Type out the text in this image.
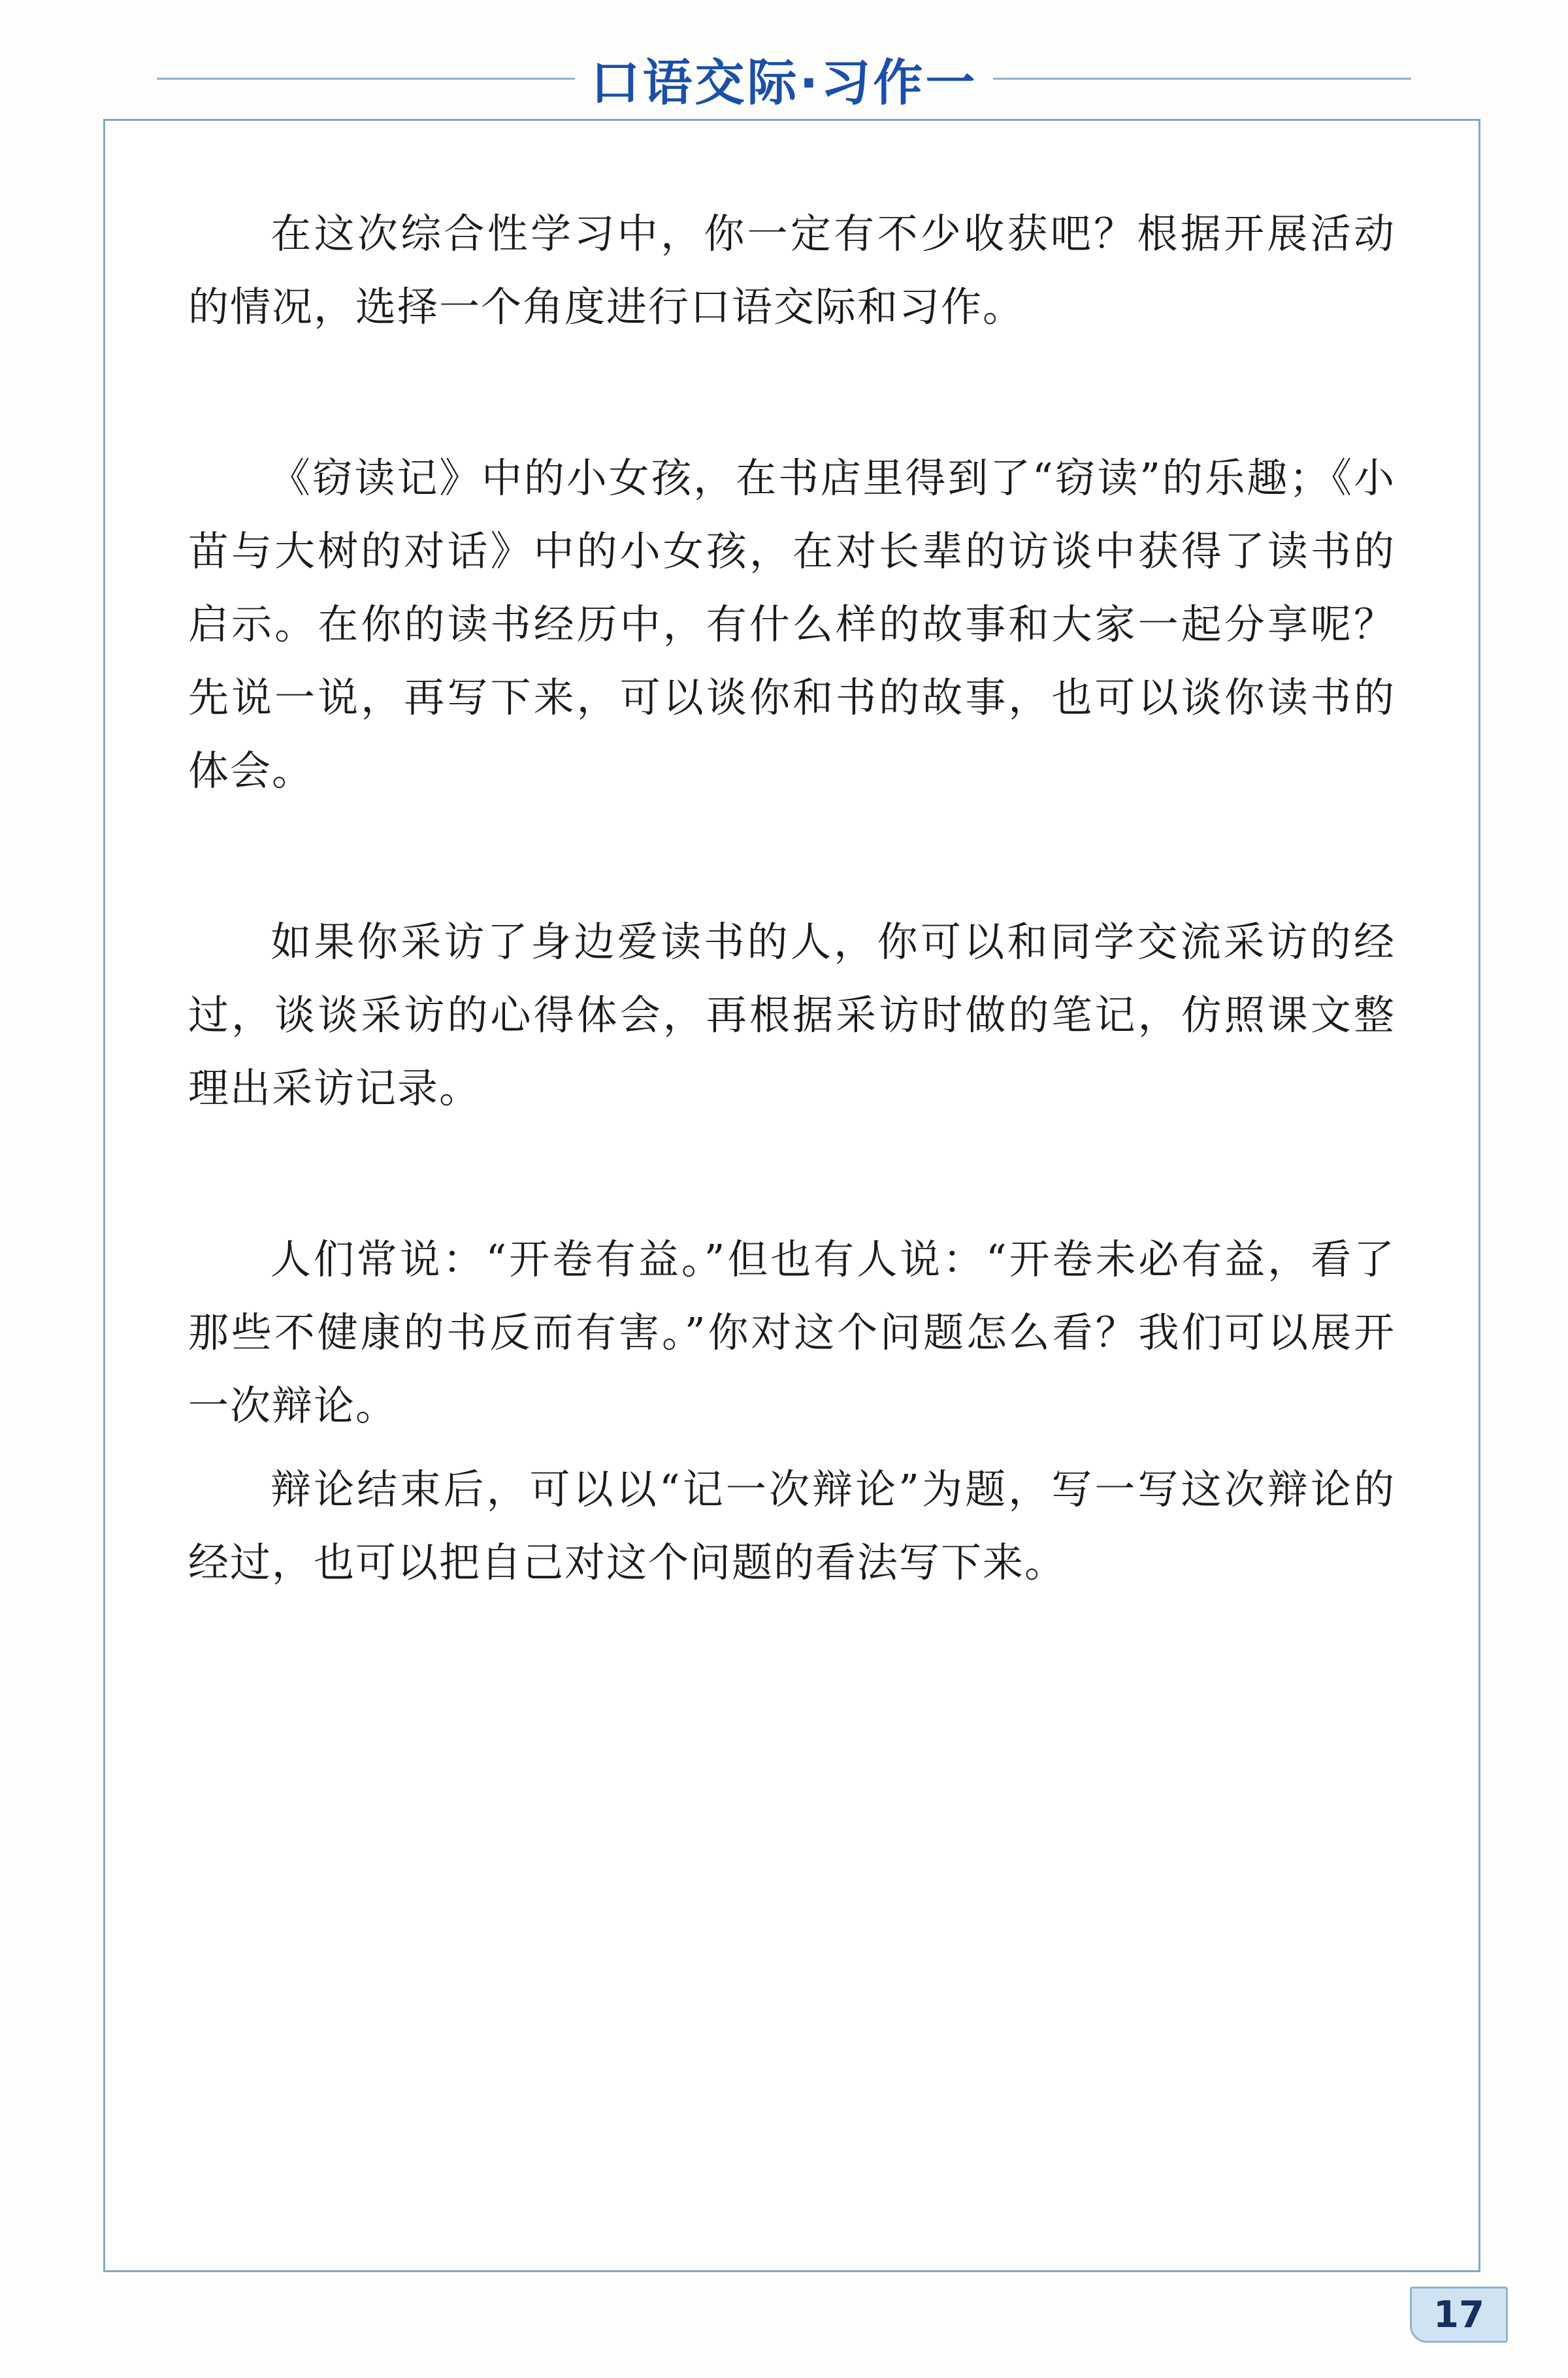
口语交际·习作一
在这次综合性学习中，你一定有不少收获吧？根据开展活动的情况，选择一个角度进行口语交际和习作。
《窃读记》中的小女孩，在书店里得到了“窃读”的乐趣；《小苗与大树的对话》中的小女孩，在对长辈的访谈中获得了读书的启示。在你的读书经历中，有什么样的故事和大家一起分享呢？先说一说，再写下来，可以谈你和书的故事，也可以谈你读书的体会。
如果你采访了身边爱读书的人，你可以和同学交流采访的经过，谈谈采访的心得体会，再根据采访时做的笔记，仿照课文整理出采访记录。
人们常说：“开卷有益。”但也有人说：“开卷未必有益，看了那些不健康的书反而有害。”你对这个问题怎么看？我们可以展开一次辩论。
辩论结束后，可以以“记一次辩论”为题，写一写这次辩论的经过，也可以把自己对这个问题的看法写下来。
17
